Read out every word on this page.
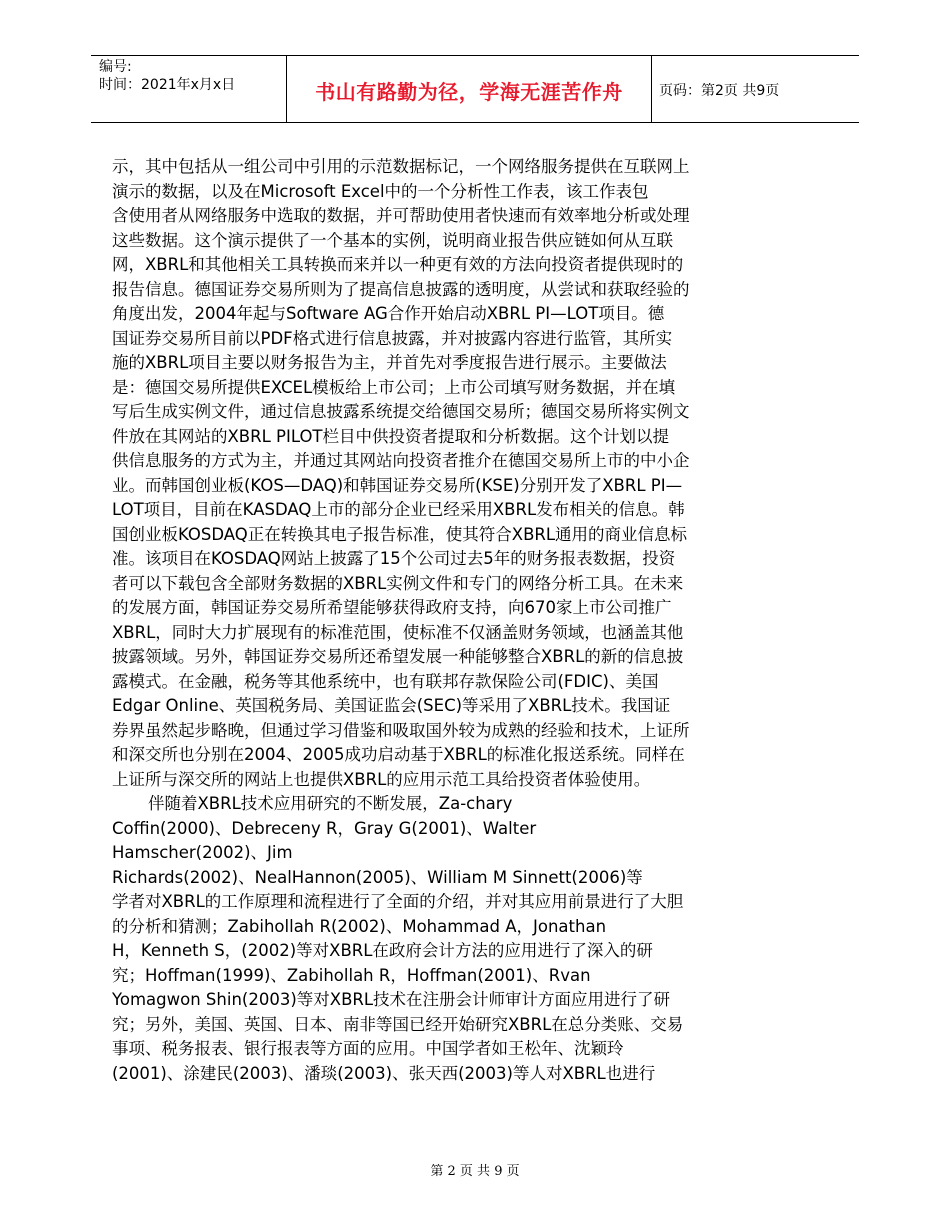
编号:
时间：2021年x月x日	书山有路勤为径，学海无涯苦作舟	页码：第2页 共9页
示，其中包括从一组公司中引用的示范数据标记，一个网络服务提供在互联网上
演示的数据，以及在Microsoft Excel中的一个分析性工作表，该工作表包
含使用者从网络服务中选取的数据，并可帮助使用者快速而有效率地分析或处理
这些数据。这个演示提供了一个基本的实例，说明商业报告供应链如何从互联
网，XBRL和其他相关工具转换而来并以一种更有效的方法向投资者提供现时的
报告信息。德国证券交易所则为了提高信息披露的透明度，从尝试和获取经验的
角度出发，2004年起与Software AG合作开始启动XBRL PI—LOT项目。德
国证券交易所目前以PDF格式进行信息披露，并对披露内容进行监管，其所实
施的XBRL项目主要以财务报告为主，并首先对季度报告进行展示。主要做法
是：德国交易所提供EXCEL模板给上市公司；上市公司填写财务数据，并在填
写后生成实例文件，通过信息披露系统提交给德国交易所；德国交易所将实例文
件放在其网站的XBRL PILOT栏目中供投资者提取和分析数据。这个计划以提
供信息服务的方式为主，并通过其网站向投资者推介在德国交易所上市的中小企
业。而韩国创业板(KOS—DAQ)和韩国证券交易所(KSE)分别开发了XBRL PI—
LOT项目，目前在KASDAQ上市的部分企业已经采用XBRL发布相关的信息。韩
国创业板KOSDAQ正在转换其电子报告标准，使其符合XBRL通用的商业信息标
准。该项目在KOSDAQ网站上披露了15个公司过去5年的财务报表数据，投资
者可以下载包含全部财务数据的XBRL实例文件和专门的网络分析工具。在未来
的发展方面，韩国证券交易所希望能够获得政府支持，向670家上市公司推广
XBRL，同时大力扩展现有的标准范围，使标准不仅涵盖财务领域，也涵盖其他
披露领域。另外，韩国证券交易所还希望发展一种能够整合XBRL的新的信息披
露模式。在金融，税务等其他系统中，也有联邦存款保险公司(FDIC)、美国
Edgar Online、英国税务局、美国证监会(SEC)等采用了XBRL技术。我国证
券界虽然起步略晚，但通过学习借鉴和吸取国外较为成熟的经验和技术，上证所
和深交所也分别在2004、2005成功启动基于XBRL的标准化报送系统。同样在
上证所与深交所的网站上也提供XBRL的应用示范工具给投资者体验使用。
伴随着XBRL技术应用研究的不断发展，Za-chary
Coffin(2000)、Debreceny R，Gray G(2001)、Walter
Hamscher(2002)、Jim
Richards(2002)、NealHannon(2005)、William M Sinnett(2006)等
学者对XBRL的工作原理和流程进行了全面的介绍，并对其应用前景进行了大胆
的分析和猜测；Zabihollah R(2002)、Mohammad A，Jonathan
H，Kenneth S，(2002)等对XBRL在政府会计方法的应用进行了深入的研
究；Hoffman(1999)、Zabihollah R，Hoffman(2001)、Rvan
Yomagwon Shin(2003)等对XBRL技术在注册会计师审计方面应用进行了研
究；另外，美国、英国、日本、南非等国已经开始研究XBRL在总分类账、交易
事项、税务报表、银行报表等方面的应用。中国学者如王松年、沈颖玲
(2001)、涂建民(2003)、潘琰(2003)、张天西(2003)等人对XBRL也进行
第 2 页 共 9 页
